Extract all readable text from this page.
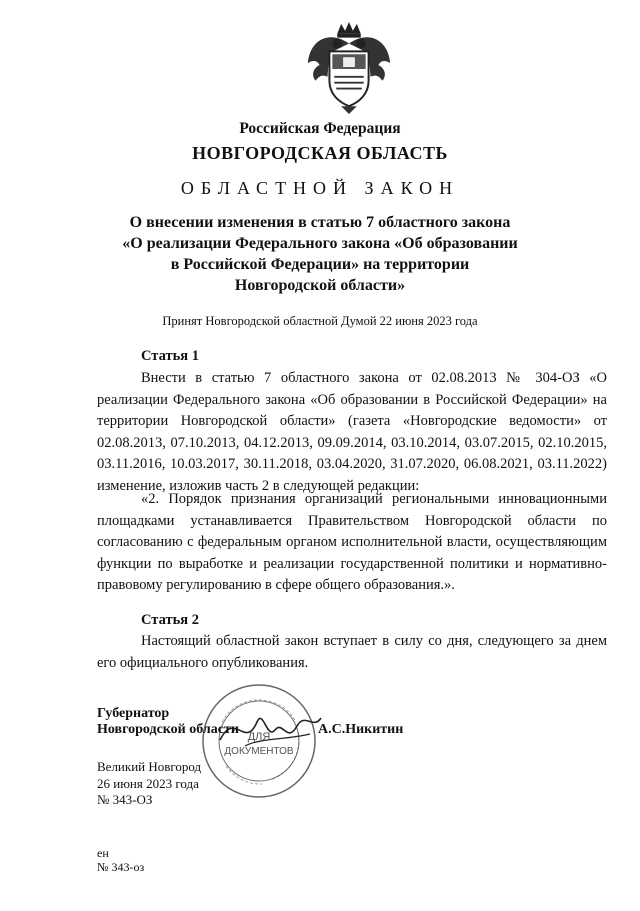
Российская Федерация
НОВГОРОДСКАЯ ОБЛАСТЬ
ОБЛАСТНОЙ ЗАКОН
О внесении изменения в статью 7 областного закона
«О реализации Федерального закона «Об образовании
в Российской Федерации» на территории
Новгородской области»
Принят Новгородской областной Думой 22 июня 2023 года
Статья 1
Внести в статью 7 областного закона от 02.08.2013 № 304-ОЗ «О реализации Федерального закона «Об образовании в Российской Федерации» на территории Новгородской области» (газета «Новгородские ведомости» от 02.08.2013, 07.10.2013, 04.12.2013, 09.09.2014, 03.10.2014, 03.07.2015, 02.10.2015, 03.11.2016, 10.03.2017, 30.11.2018, 03.04.2020, 31.07.2020, 06.08.2021, 03.11.2022) изменение, изложив часть 2 в следующей редакции:
«2. Порядок признания организаций региональными инновационными площадками устанавливается Правительством Новгородской области по согласованию с федеральным органом исполнительной власти, осуществляющим функции по выработке и реализации государственной политики и нормативно-правовому регулированию в сфере общего образования.».
Статья 2
Настоящий областной закон вступает в силу со дня, следующего за днем его официального опубликования.
ДЛЯ
ДОКУМЕНТОВ
Губернатор
Новгородской области	А.С.Никитин
Великий Новгород
26 июня 2023 года
№ 343-ОЗ
ен
№ 343-оз
